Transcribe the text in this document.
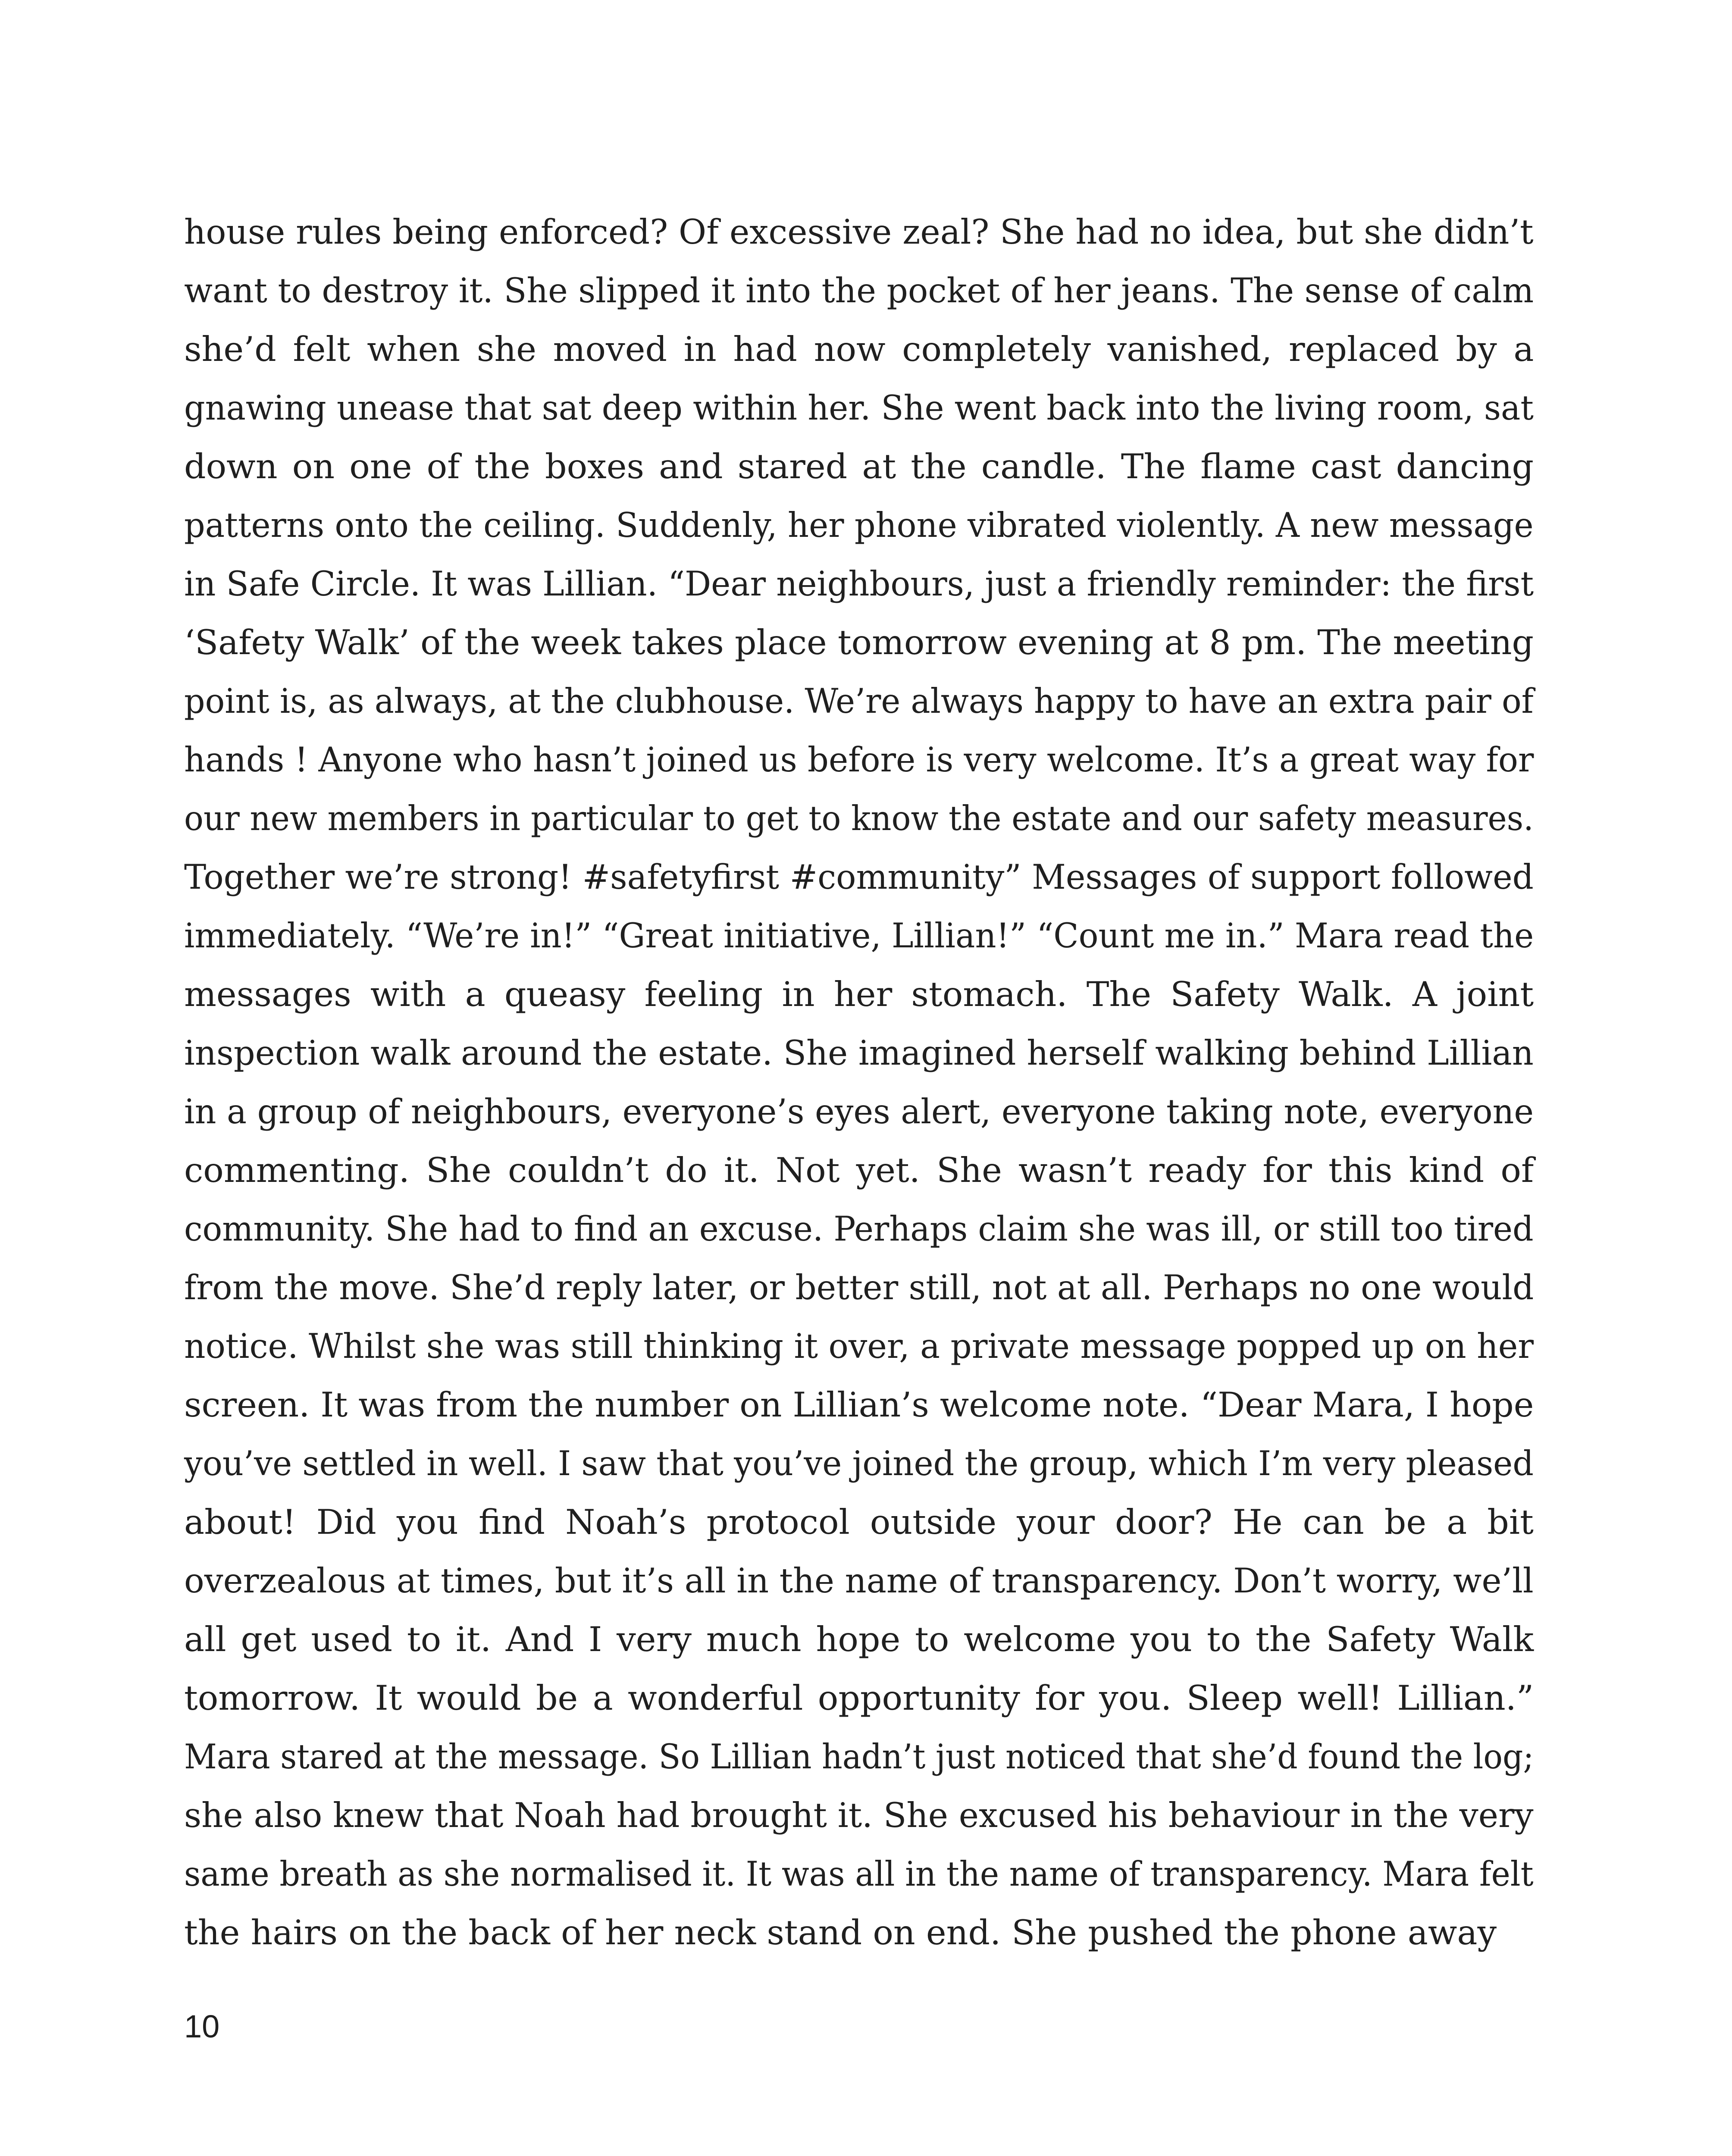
house rules being enforced? Of excessive zeal? She had no idea, but she didn’t
want to destroy it. She slipped it into the pocket of her jeans. The sense of calm
she’d felt when she moved in had now completely vanished, replaced by a
gnawing unease that sat deep within her. She went back into the living room, sat
down on one of the boxes and stared at the candle. The flame cast dancing
patterns onto the ceiling. Suddenly, her phone vibrated violently. A new message
in Safe Circle. It was Lillian. “Dear neighbours, just a friendly reminder: the first
‘Safety Walk’ of the week takes place tomorrow evening at 8 pm. The meeting
point is, as always, at the clubhouse. We’re always happy to have an extra pair of
hands ! Anyone who hasn’t joined us before is very welcome. It’s a great way for
our new members in particular to get to know the estate and our safety measures.
Together we’re strong! #safetyfirst #community” Messages of support followed
immediately. “We’re in!” “Great initiative, Lillian!” “Count me in.” Mara read the
messages with a queasy feeling in her stomach. The Safety Walk. A joint
inspection walk around the estate. She imagined herself walking behind Lillian
in a group of neighbours, everyone’s eyes alert, everyone taking note, everyone
commenting. She couldn’t do it. Not yet. She wasn’t ready for this kind of
community. She had to find an excuse. Perhaps claim she was ill, or still too tired
from the move. She’d reply later, or better still, not at all. Perhaps no one would
notice. Whilst she was still thinking it over, a private message popped up on her
screen. It was from the number on Lillian’s welcome note. “Dear Mara, I hope
you’ve settled in well. I saw that you’ve joined the group, which I’m very pleased
about! Did you find Noah’s protocol outside your door? He can be a bit
overzealous at times, but it’s all in the name of transparency. Don’t worry, we’ll
all get used to it. And I very much hope to welcome you to the Safety Walk
tomorrow. It would be a wonderful opportunity for you. Sleep well! Lillian.”
Mara stared at the message. So Lillian hadn’t just noticed that she’d found the log;
she also knew that Noah had brought it. She excused his behaviour in the very
same breath as she normalised it. It was all in the name of transparency. Mara felt
the hairs on the back of her neck stand on end. She pushed the phone away
10
